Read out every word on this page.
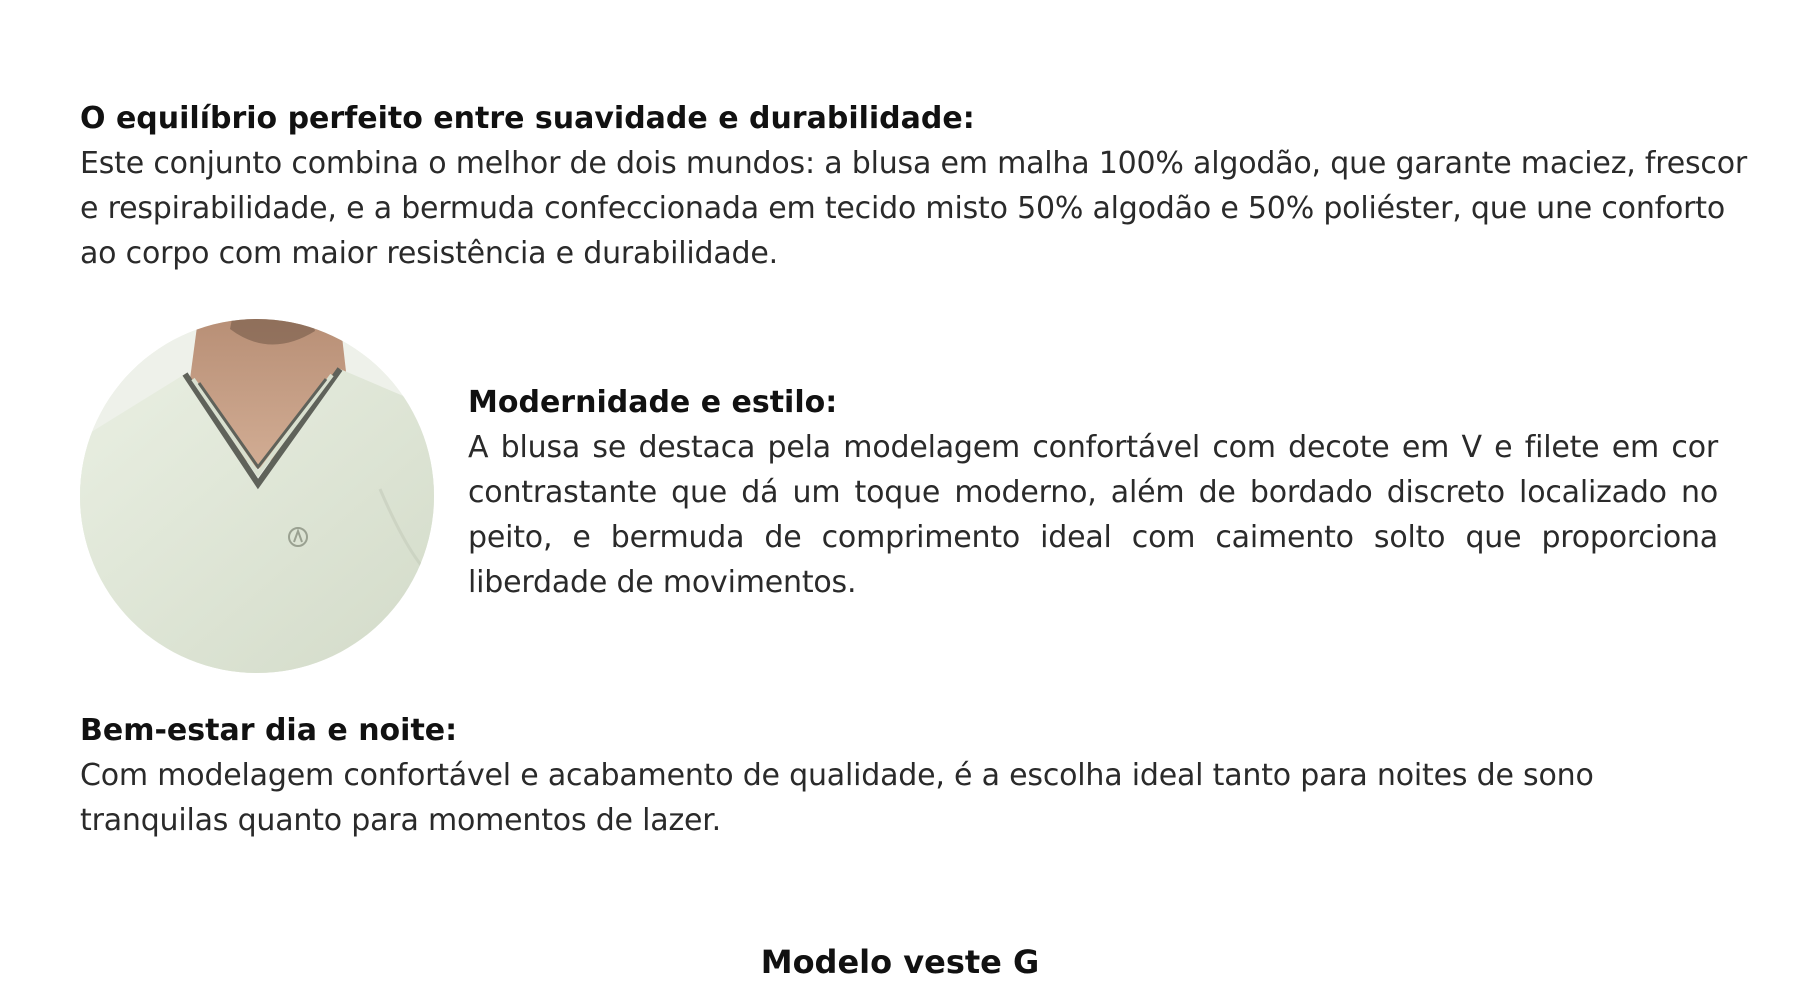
O equilíbrio perfeito entre suavidade e durabilidade:

Este conjunto combina o melhor de dois mundos: a blusa em malha 100% algodão, que garante maciez, frescor e respirabilidade, e a bermuda confeccionada em tecido misto 50% algodão e 50% poliéster, que une conforto ao corpo com maior resistência e durabilidade.

Modernidade e estilo:

A blusa se destaca pela modelagem confortável com decote em V e filete em cor contrastante que dá um toque moderno, além de bordado discreto localizado no peito, e bermuda de comprimento ideal com caimento solto que proporciona liberdade de movimentos.

Bem-estar dia e noite:

Com modelagem confortável e acabamento de qualidade, é a escolha ideal tanto para noites de sono tranquilas quanto para momentos de lazer.

Modelo veste G
